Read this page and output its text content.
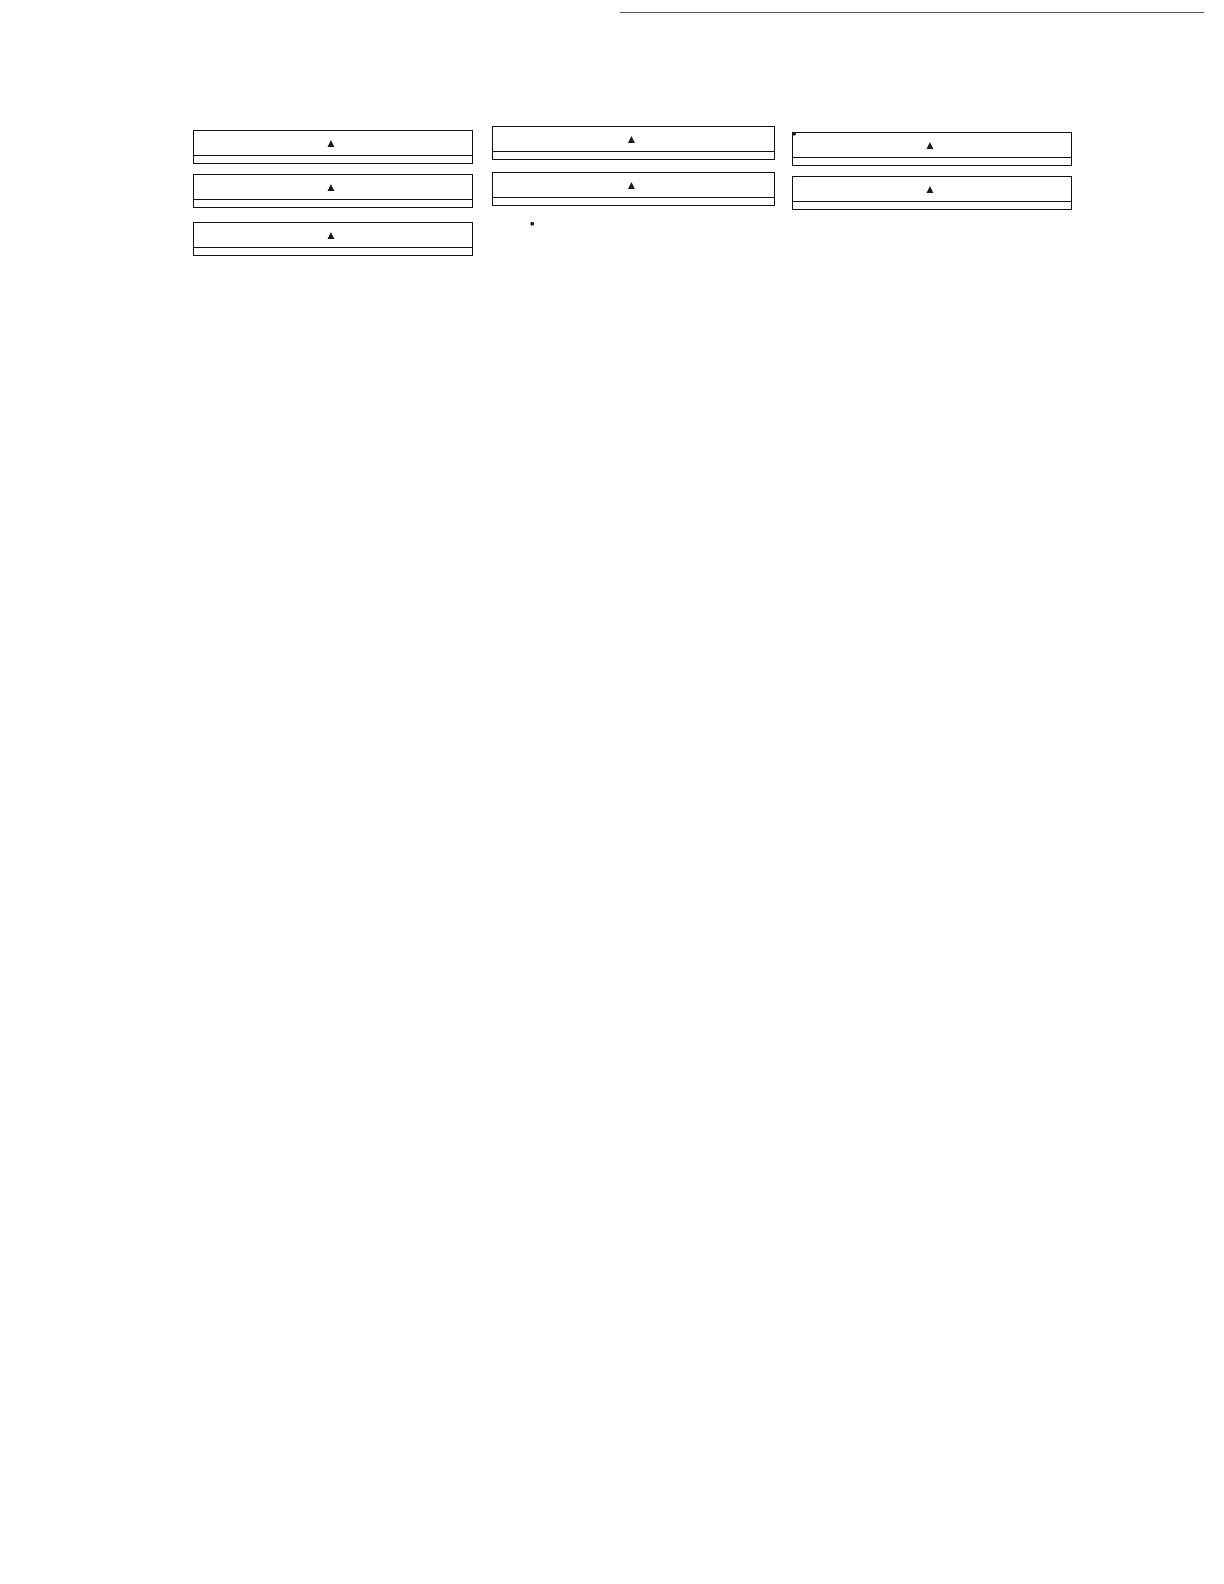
▲

▲

▲
▲
▲

▲

▲
